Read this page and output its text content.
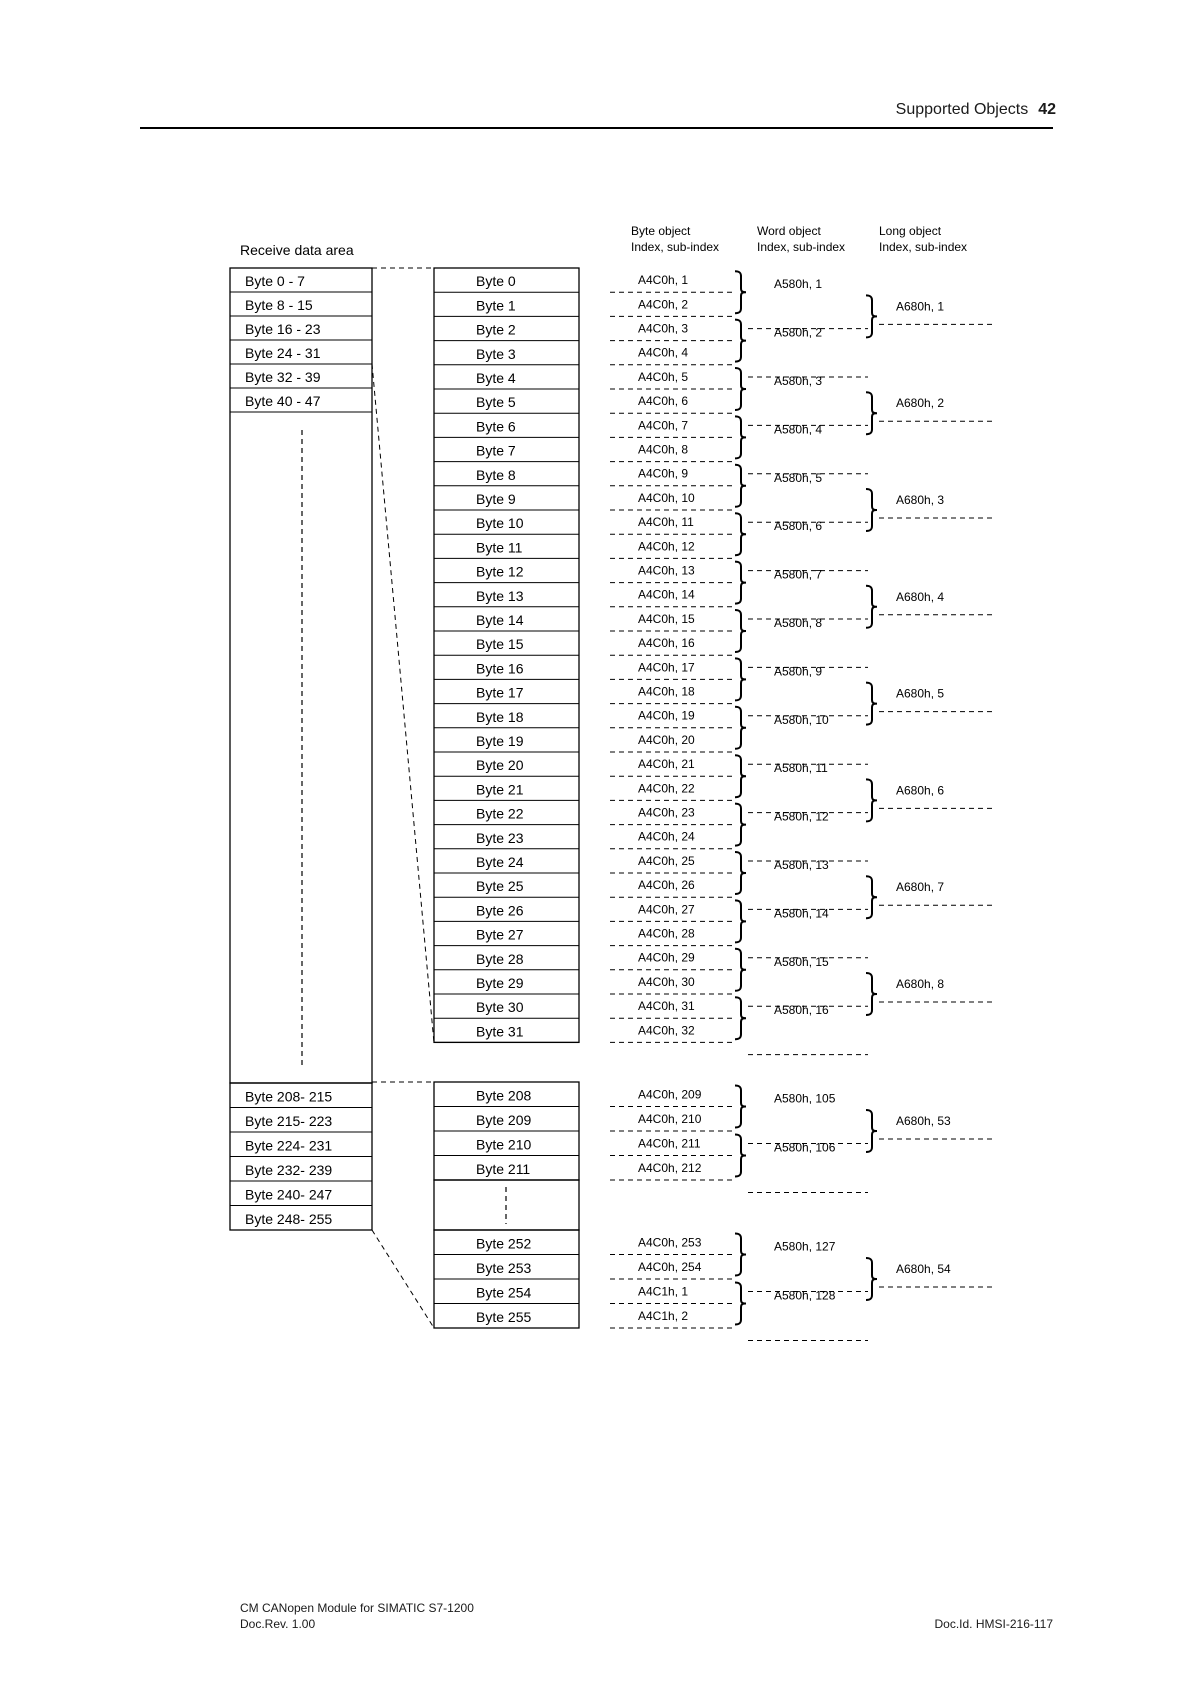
Supported Objects 42
Receive data area
Byte object
Index, sub-index
Word object
Index, sub-index
Long object
Index, sub-index
Byte 0 - 7
Byte 8 - 15
Byte 16 - 23
Byte 24 - 31
Byte 32 - 39
Byte 40 - 47
Byte 208- 215
Byte 215- 223
Byte 224- 231
Byte 232- 239
Byte 240- 247
Byte 248- 255
Byte 0
Byte 1
Byte 2
Byte 3
Byte 4
Byte 5
Byte 6
Byte 7
Byte 8
Byte 9
Byte 10
Byte 11
Byte 12
Byte 13
Byte 14
Byte 15
Byte 16
Byte 17
Byte 18
Byte 19
Byte 20
Byte 21
Byte 22
Byte 23
Byte 24
Byte 25
Byte 26
Byte 27
Byte 28
Byte 29
Byte 30
Byte 31
Byte 208
Byte 209
Byte 210
Byte 211
Byte 252
Byte 253
Byte 254
Byte 255
A4C0h, 1
A4C0h, 2
A4C0h, 3
A4C0h, 4
A4C0h, 5
A4C0h, 6
A4C0h, 7
A4C0h, 8
A4C0h, 9
A4C0h, 10
A4C0h, 11
A4C0h, 12
A4C0h, 13
A4C0h, 14
A4C0h, 15
A4C0h, 16
A4C0h, 17
A4C0h, 18
A4C0h, 19
A4C0h, 20
A4C0h, 21
A4C0h, 22
A4C0h, 23
A4C0h, 24
A4C0h, 25
A4C0h, 26
A4C0h, 27
A4C0h, 28
A4C0h, 29
A4C0h, 30
A4C0h, 31
A4C0h, 32
A4C0h, 209
A4C0h, 210
A4C0h, 211
A4C0h, 212
A4C0h, 253
A4C0h, 254
A4C1h, 1
A4C1h, 2
A580h, 1
A580h, 2
A580h, 3
A580h, 4
A580h, 5
A580h, 6
A580h, 7
A580h, 8
A580h, 9
A580h, 10
A580h, 11
A580h, 12
A580h, 13
A580h, 14
A580h, 15
A580h, 16
A580h, 105
A580h, 106
A580h, 127
A580h, 128
A680h, 1
A680h, 2
A680h, 3
A680h, 4
A680h, 5
A680h, 6
A680h, 7
A680h, 8
A680h, 53
A680h, 54
CM CANopen Module for SIMATIC S7-1200
Doc.Rev. 1.00	Doc.Id. HMSI-216-117
